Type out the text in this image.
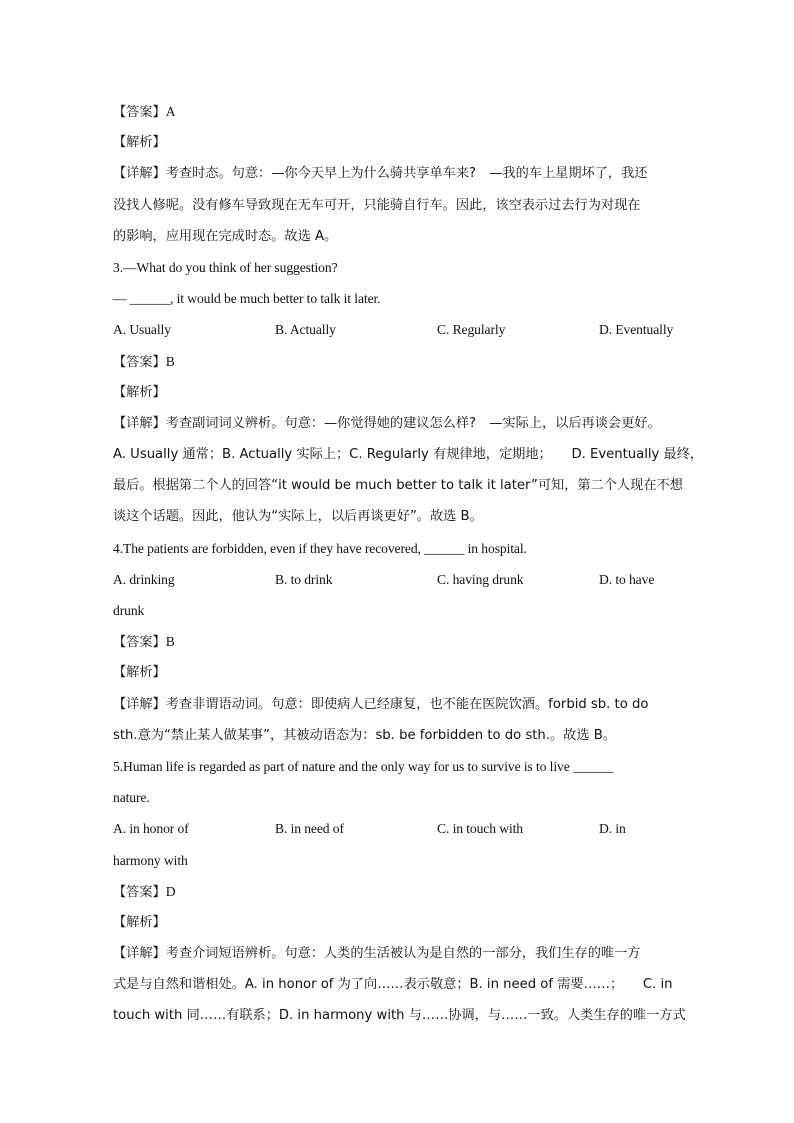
【答案】A
【解析】
【详解】考查时态。句意：—你今天早上为什么骑共享单车来?　—我的车上星期坏了，我还
没找人修呢。没有修车导致现在无车可开，只能骑自行车。因此，该空表示过去行为对现在
的影响，应用现在完成时态。故选 A。
3.—What do you think of her suggestion?
— ______, it would be much better to talk it later.
A. Usually	B. Actually	C. Regularly	D. Eventually
【答案】B
【解析】
【详解】考查副词词义辨析。句意：—你觉得她的建议怎么样?　—实际上，以后再谈会更好。
A. Usually 通常；B. Actually 实际上；C. Regularly 有规律地，定期地；　　D. Eventually 最终，
最后。根据第二个人的回答“it would be much better to talk it later”可知，第二个人现在不想
谈这个话题。因此，他认为“实际上，以后再谈更好”。故选 B。
4.The patients are forbidden, even if they have recovered, ______ in hospital.
A. drinking	B. to drink	C. having drunk	D. to have
drunk
【答案】B
【解析】
【详解】考查非谓语动词。句意：即使病人已经康复，也不能在医院饮酒。forbid sb. to do
sth.意为“禁止某人做某事”，其被动语态为：sb. be forbidden to do sth.。故选 B。
5.Human life is regarded as part of nature and the only way for us to survive is to live ______
nature.
A. in honor of	B. in need of	C. in touch with	D. in
harmony with
【答案】D
【解析】
【详解】考查介词短语辨析。句意：人类的生活被认为是自然的一部分，我们生存的唯一方
式是与自然和谐相处。A. in honor of 为了向……表示敬意；B. in need of 需要……；　　C. in
touch with 同……有联系；D. in harmony with 与……协调，与……一致。人类生存的唯一方式
